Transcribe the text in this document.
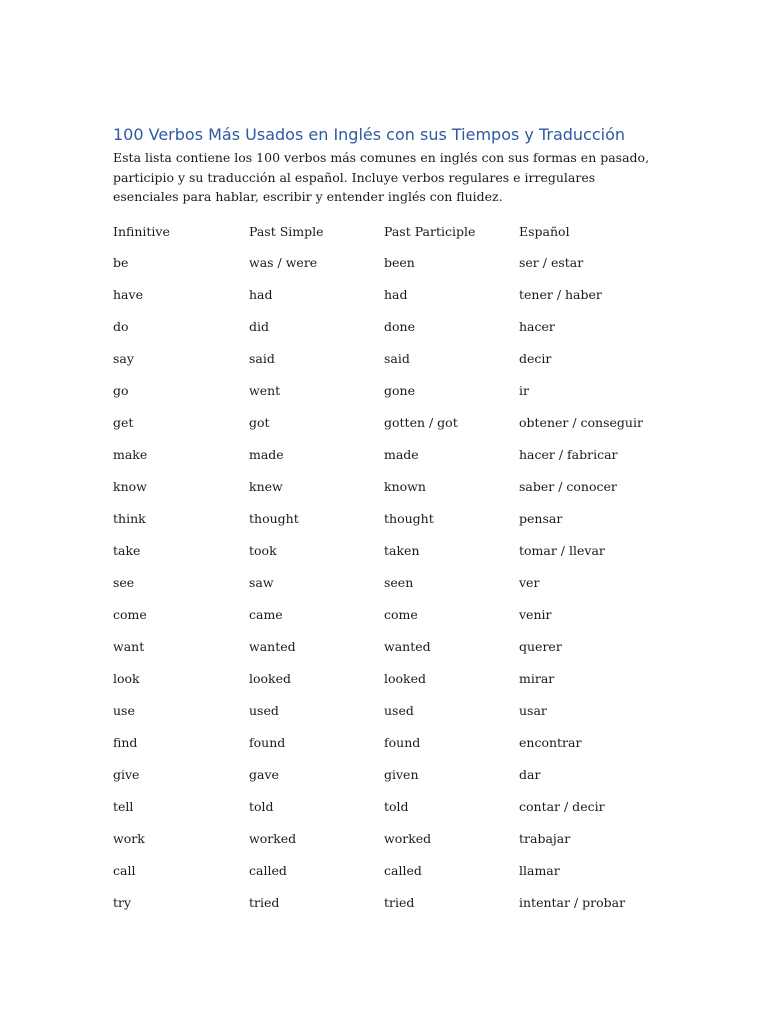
100 Verbos Más Usados en Inglés con sus Tiempos y Traducción

Esta lista contiene los 100 verbos más comunes en inglés con sus formas en pasado, participio y su traducción al español. Incluye verbos regulares e irregulares esenciales para hablar, escribir y entender inglés con fluidez.

Infinitive	Past Simple	Past Participle	Español
be	was / were	been	ser / estar
have	had	had	tener / haber
do	did	done	hacer
say	said	said	decir
go	went	gone	ir
get	got	gotten / got	obtener / conseguir
make	made	made	hacer / fabricar
know	knew	known	saber / conocer
think	thought	thought	pensar
take	took	taken	tomar / llevar
see	saw	seen	ver
come	came	come	venir
want	wanted	wanted	querer
look	looked	looked	mirar
use	used	used	usar
find	found	found	encontrar
give	gave	given	dar
tell	told	told	contar / decir
work	worked	worked	trabajar
call	called	called	llamar
try	tried	tried	intentar / probar
